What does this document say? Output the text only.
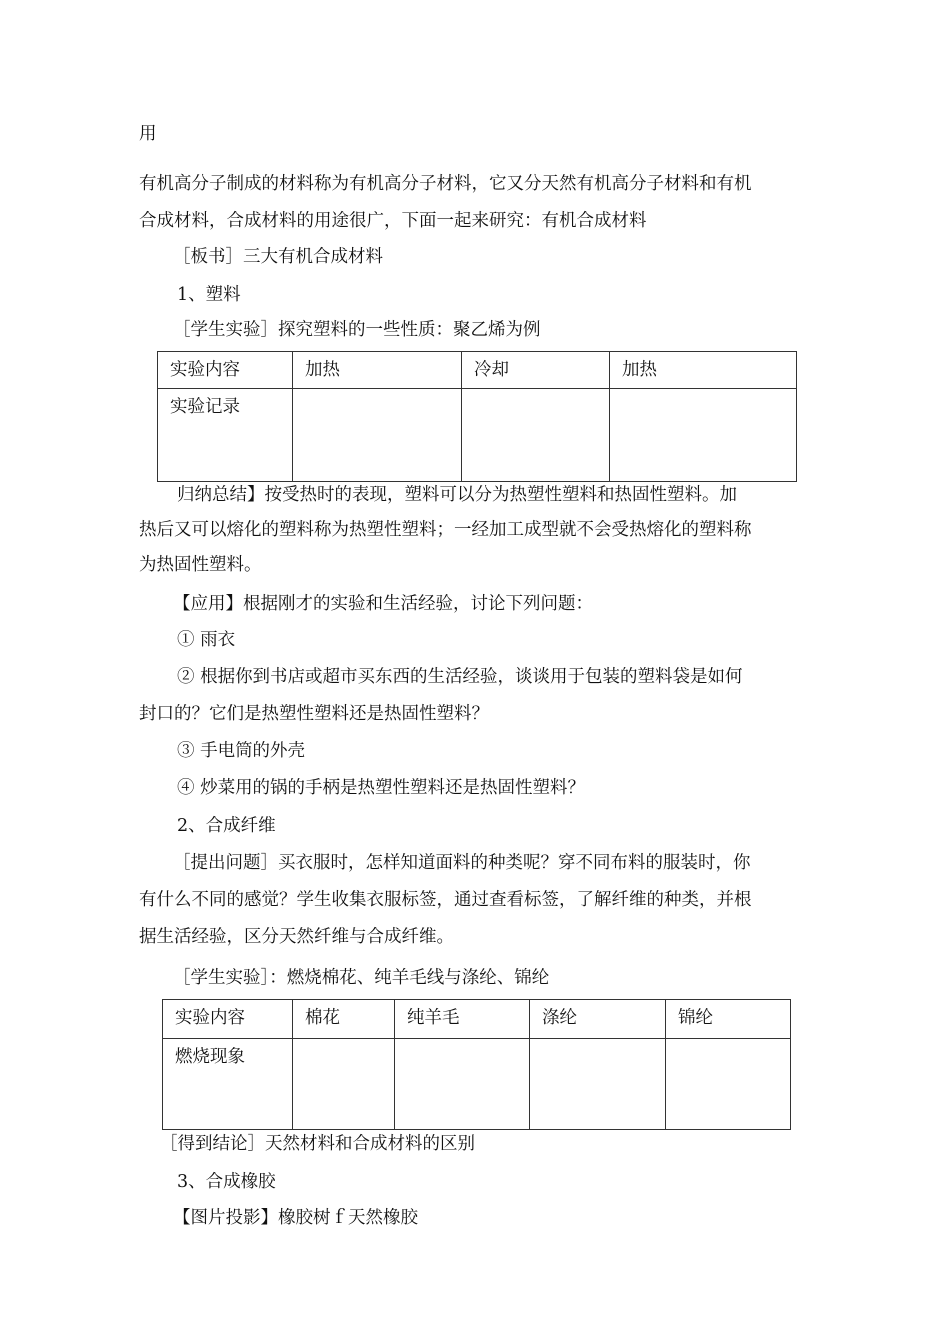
用
有机高分子制成的材料称为有机高分子材料，它又分天然有机高分子材料和有机
合成材料，合成材料的用途很广，下面一起来研究：有机合成材料
［板书］三大有机合成材料
1、塑料
［学生实验］探究塑料的一些性质：聚乙烯为例
实验内容	加热	冷却	加热
实验记录			
归纳总结】按受热时的表现，塑料可以分为热塑性塑料和热固性塑料。加
热后又可以熔化的塑料称为热塑性塑料；一经加工成型就不会受热熔化的塑料称
为热固性塑料。
【应用】根据刚才的实验和生活经验，讨论下列问题：
① 雨衣
② 根据你到书店或超市买东西的生活经验，谈谈用于包装的塑料袋是如何
封口的？它们是热塑性塑料还是热固性塑料？
③ 手电筒的外壳
④ 炒菜用的锅的手柄是热塑性塑料还是热固性塑料？
2、合成纤维
［提出问题］买衣服时，怎样知道面料的种类呢？穿不同布料的服装时，你
有什么不同的感觉？学生收集衣服标签，通过查看标签，了解纤维的种类，并根
据生活经验，区分天然纤维与合成纤维。
［学生实验］：燃烧棉花、纯羊毛线与涤纶、锦纶
实验内容	棉花	纯羊毛	涤纶	锦纶
燃烧现象				
［得到结论］天然材料和合成材料的区别
3、合成橡胶
【图片投影】橡胶树ｆ天然橡胶
